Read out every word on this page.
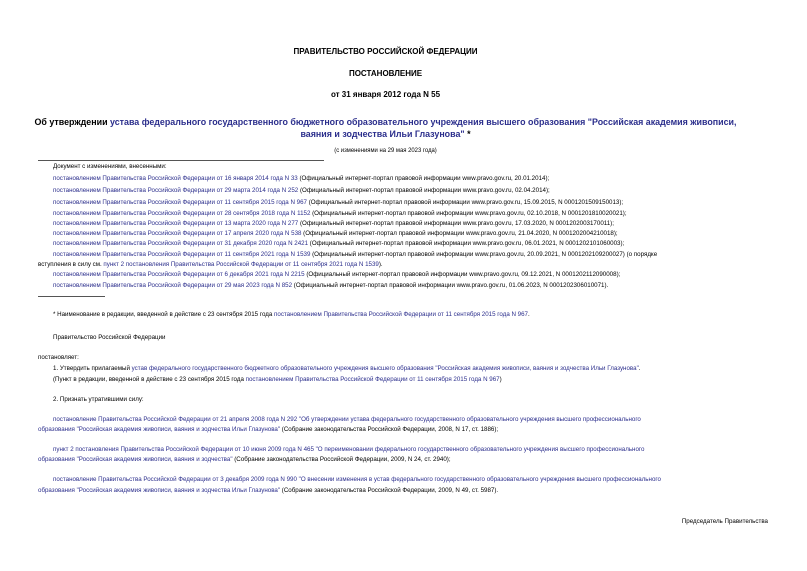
ПРАВИТЕЛЬСТВО РОССИЙСКОЙ ФЕДЕРАЦИИ
ПОСТАНОВЛЕНИЕ
от 31 января 2012 года N 55
Об утверждении устава федерального государственного бюджетного образовательного учреждения высшего образования "Российская академия живописи,
ваяния и зодчества Ильи Глазунова" *
(с изменениями на 29 мая 2023 года)
Документ с изменениями, внесенными:
постановлением Правительства Российской Федерации от 16 января 2014 года N 33 (Официальный интернет-портал правовой информации www.pravo.gov.ru, 20.01.2014);
постановлением Правительства Российской Федерации от 29 марта 2014 года N 252 (Официальный интернет-портал правовой информации www.pravo.gov.ru, 02.04.2014);
постановлением Правительства Российской Федерации от 11 сентября 2015 года N 967 (Официальный интернет-портал правовой информации www.pravo.gov.ru, 15.09.2015, N 0001201509150013);
постановлением Правительства Российской Федерации от 28 сентября 2018 года N 1152 (Официальный интернет-портал правовой информации www.pravo.gov.ru, 02.10.2018, N 0001201810020021);
постановлением Правительства Российской Федерации от 13 марта 2020 года N 277 (Официальный интернет-портал правовой информации www.pravo.gov.ru, 17.03.2020, N 0001202003170011);
постановлением Правительства Российской Федерации от 17 апреля 2020 года N 538 (Официальный интернет-портал правовой информации www.pravo.gov.ru, 21.04.2020, N 0001202004210018);
постановлением Правительства Российской Федерации от 31 декабря 2020 года N 2421 (Официальный интернет-портал правовой информации www.pravo.gov.ru, 06.01.2021, N 0001202101060003);
постановлением Правительства Российской Федерации от 11 сентября 2021 года N 1539 (Официальный интернет-портал правовой информации www.pravo.gov.ru, 20.09.2021, N 0001202109200027) (о порядке
вступления в силу см. пункт 2 постановления Правительства Российской Федерации от 11 сентября 2021 года N 1539).
постановлением Правительства Российской Федерации от 6 декабря 2021 года N 2215 (Официальный интернет-портал правовой информации www.pravo.gov.ru, 09.12.2021, N 0001202112090008);
постановлением Правительства Российской Федерации от 29 мая 2023 года N 852 (Официальный интернет-портал правовой информации www.pravo.gov.ru, 01.06.2023, N 0001202306010071).
* Наименование в редакции, введенной в действие с 23 сентября 2015 года постановлением Правительства Российской Федерации от 11 сентября 2015 года N 967.
Правительство Российской Федерации
постановляет:
1. Утвердить прилагаемый устав федерального государственного бюджетного образовательного учреждения высшего образования "Российская академия живописи, ваяния и зодчества Ильи Глазунова".
(Пункт в редакции, введенной в действие с 23 сентября 2015 года постановлением Правительства Российской Федерации от 11 сентября 2015 года N 967)
2. Признать утратившими силу:
постановление Правительства Российской Федерации от 21 апреля 2008 года N 292 "Об утверждении устава федерального государственного образовательного учреждения высшего профессионального
образования "Российская академия живописи, ваяния и зодчества Ильи Глазунова" (Собрание законодательства Российской Федерации, 2008, N 17, ст. 1886);
пункт 2 постановления Правительства Российской Федерации от 10 июня 2009 года N 465 "О переименовании федерального государственного образовательного учреждения высшего профессионального
образования "Российская академия живописи, ваяния и зодчества" (Собрание законодательства Российской Федерации, 2009, N 24, ст. 2940);
постановление Правительства Российской Федерации от 3 декабря 2009 года N 990 "О внесении изменения в устав федерального государственного образовательного учреждения высшего профессионального
образования "Российская академия живописи, ваяния и зодчества Ильи Глазунова" (Собрание законодательства Российской Федерации, 2009, N 49, ст. 5987).
Председатель Правительства
